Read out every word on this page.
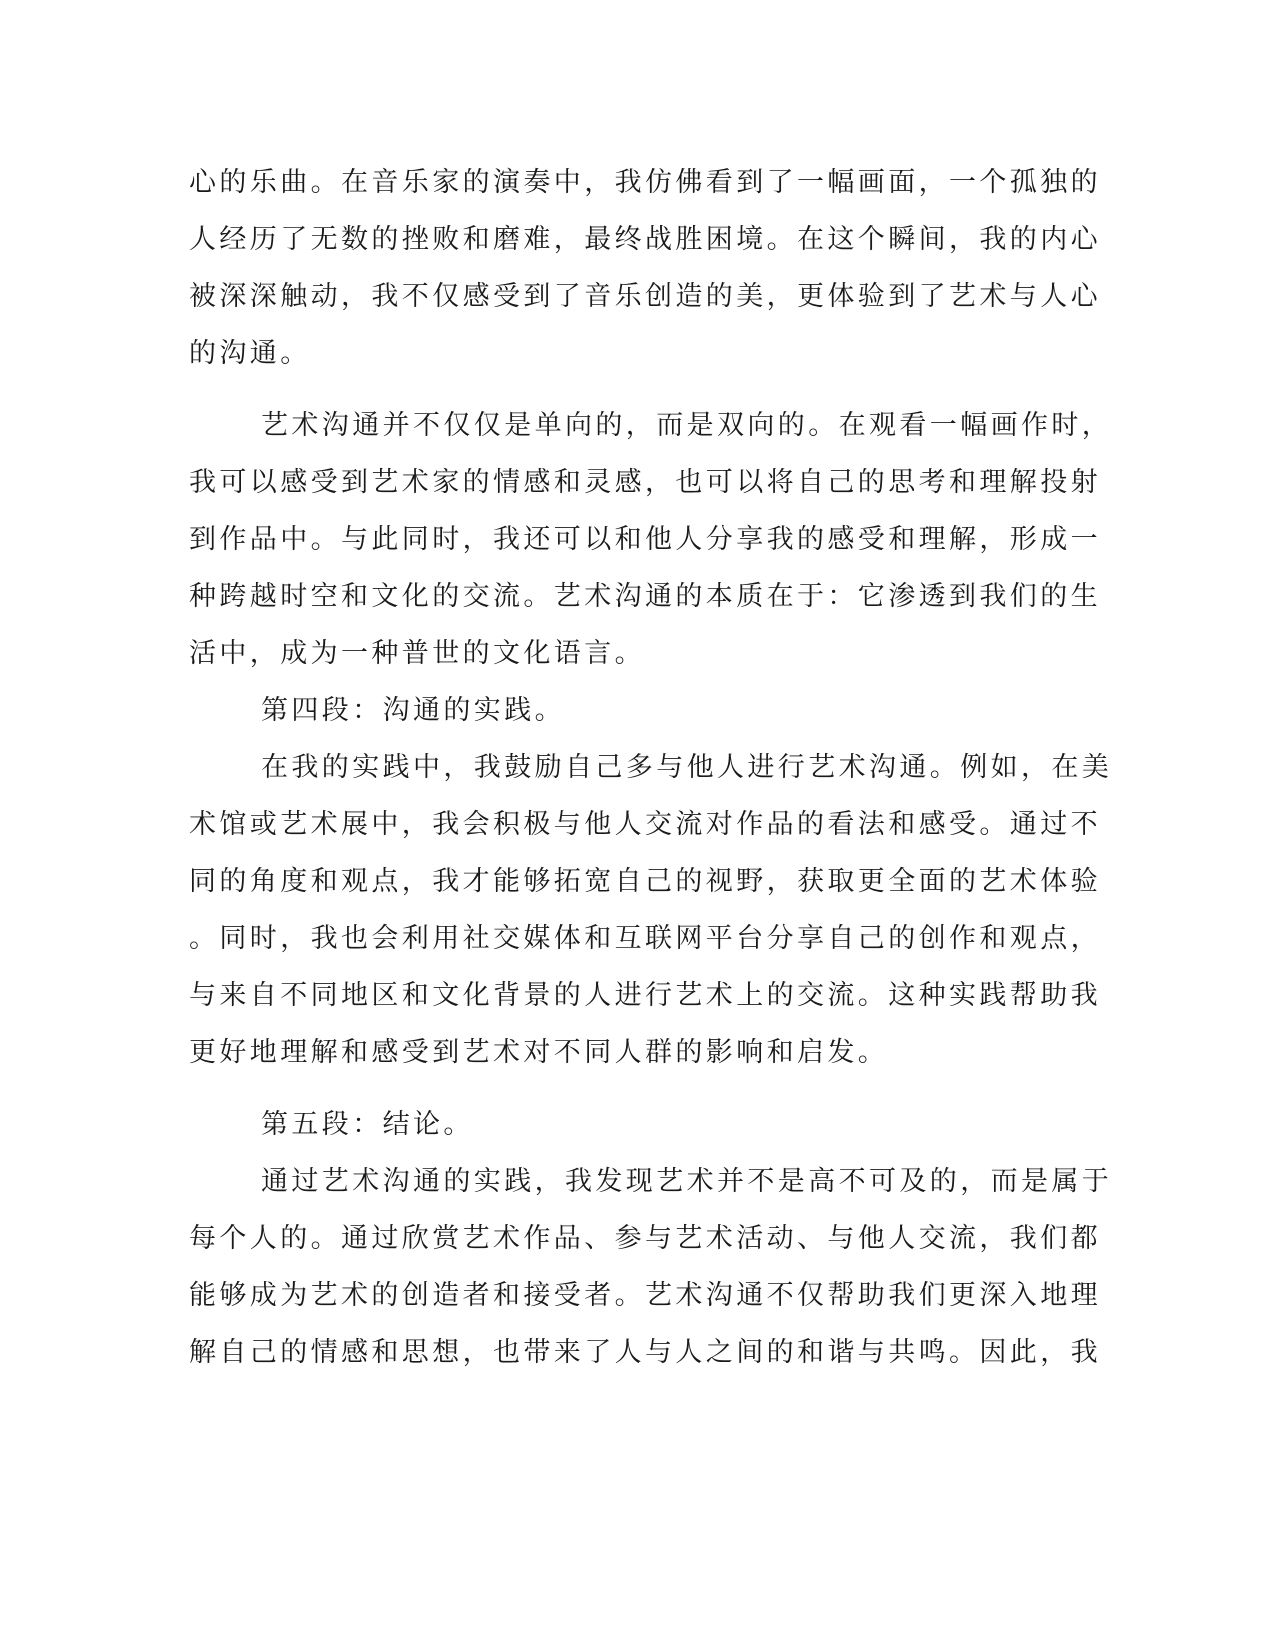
心的乐曲。在音乐家的演奏中，我仿佛看到了一幅画面，一个孤独的
人经历了无数的挫败和磨难，最终战胜困境。在这个瞬间，我的内心
被深深触动，我不仅感受到了音乐创造的美，更体验到了艺术与人心
的沟通。
艺术沟通并不仅仅是单向的，而是双向的。在观看一幅画作时，
我可以感受到艺术家的情感和灵感，也可以将自己的思考和理解投射
到作品中。与此同时，我还可以和他人分享我的感受和理解，形成一
种跨越时空和文化的交流。艺术沟通的本质在于：它渗透到我们的生
活中，成为一种普世的文化语言。
第四段：沟通的实践。
在我的实践中，我鼓励自己多与他人进行艺术沟通。例如，在美
术馆或艺术展中，我会积极与他人交流对作品的看法和感受。通过不
同的角度和观点，我才能够拓宽自己的视野，获取更全面的艺术体验
。同时，我也会利用社交媒体和互联网平台分享自己的创作和观点，
与来自不同地区和文化背景的人进行艺术上的交流。这种实践帮助我
更好地理解和感受到艺术对不同人群的影响和启发。
第五段：结论。
通过艺术沟通的实践，我发现艺术并不是高不可及的，而是属于
每个人的。通过欣赏艺术作品、参与艺术活动、与他人交流，我们都
能够成为艺术的创造者和接受者。艺术沟通不仅帮助我们更深入地理
解自己的情感和思想，也带来了人与人之间的和谐与共鸣。因此，我
